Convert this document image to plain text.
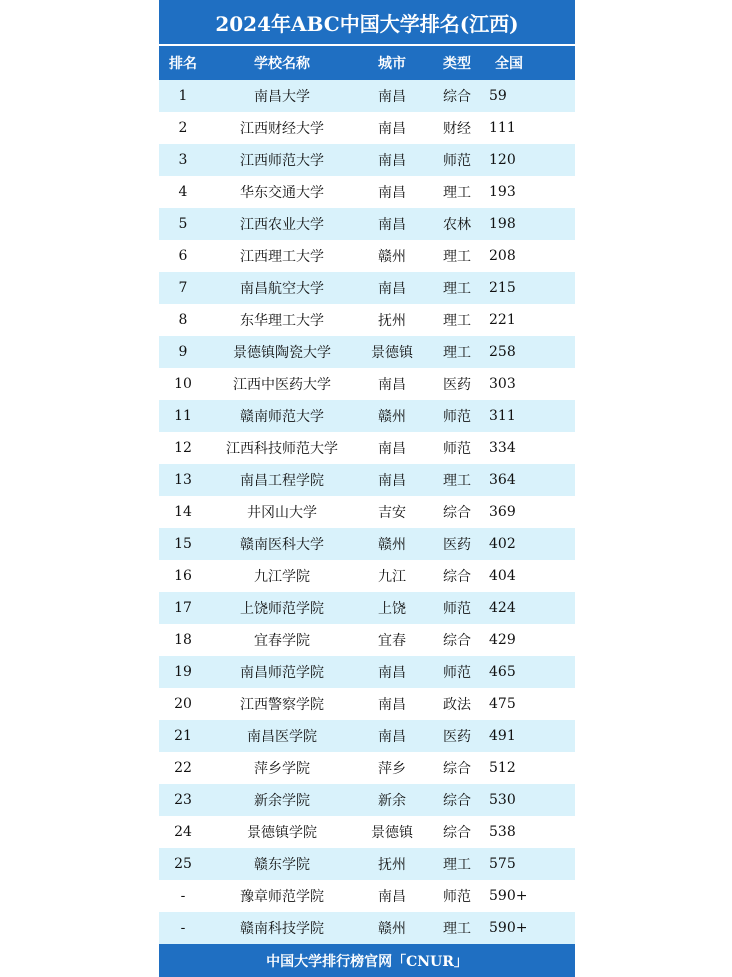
2024年ABC中国大学排名(江西)
排名	学校名称	城市	类型	全国
1	南昌大学	南昌	综合	59
2	江西财经大学	南昌	财经	111
3	江西师范大学	南昌	师范	120
4	华东交通大学	南昌	理工	193
5	江西农业大学	南昌	农林	198
6	江西理工大学	赣州	理工	208
7	南昌航空大学	南昌	理工	215
8	东华理工大学	抚州	理工	221
9	景德镇陶瓷大学	景德镇	理工	258
10	江西中医药大学	南昌	医药	303
11	赣南师范大学	赣州	师范	311
12	江西科技师范大学	南昌	师范	334
13	南昌工程学院	南昌	理工	364
14	井冈山大学	吉安	综合	369
15	赣南医科大学	赣州	医药	402
16	九江学院	九江	综合	404
17	上饶师范学院	上饶	师范	424
18	宜春学院	宜春	综合	429
19	南昌师范学院	南昌	师范	465
20	江西警察学院	南昌	政法	475
21	南昌医学院	南昌	医药	491
22	萍乡学院	萍乡	综合	512
23	新余学院	新余	综合	530
24	景德镇学院	景德镇	综合	538
25	赣东学院	抚州	理工	575
-	豫章师范学院	南昌	师范	590+
-	赣南科技学院	赣州	理工	590+
中国大学排行榜官网「CNUR」
